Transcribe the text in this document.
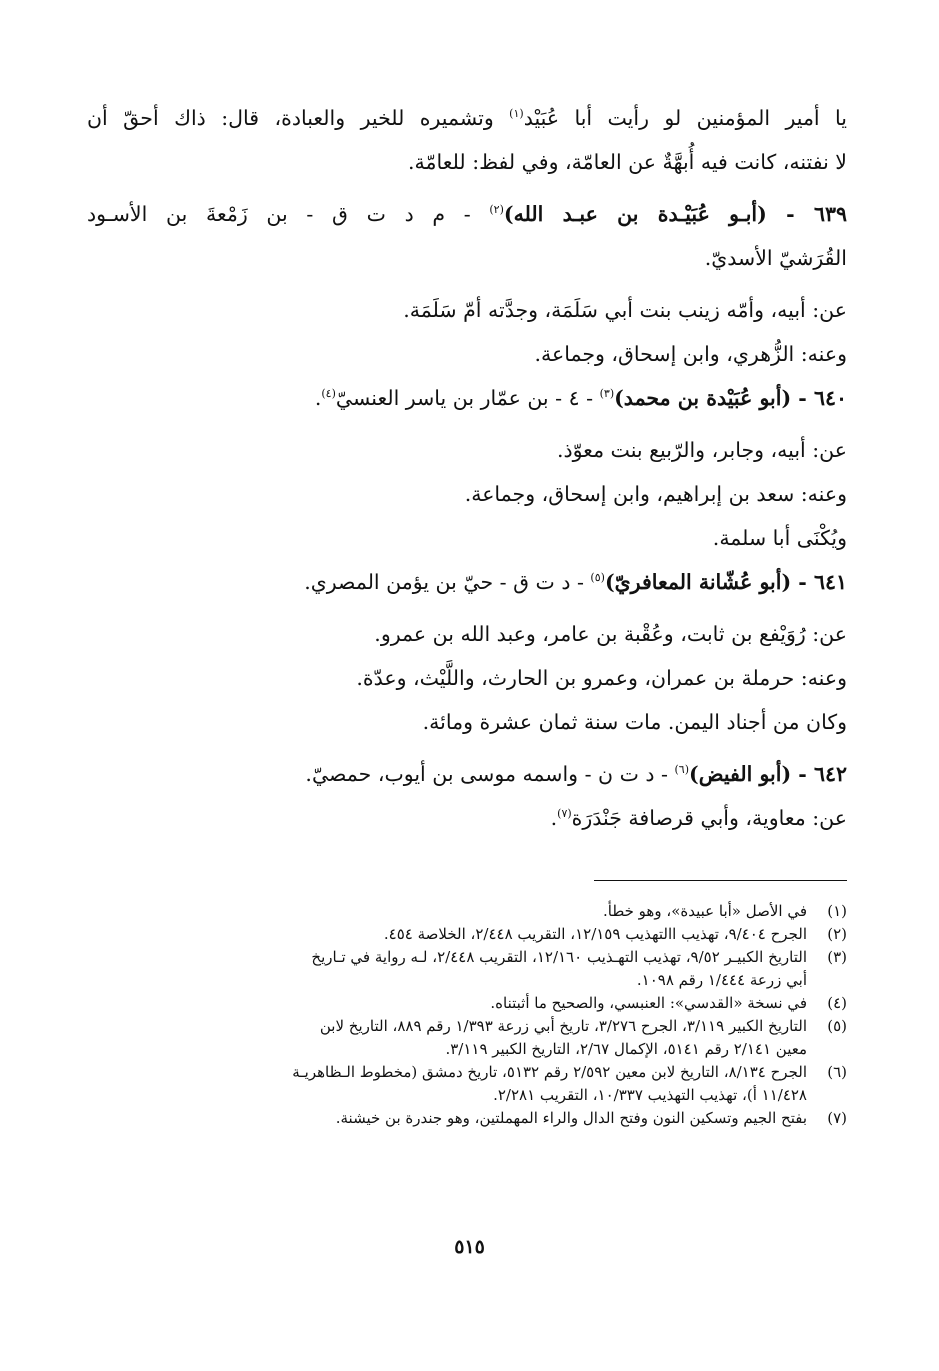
يا أمير المؤمنين لو رأيت أبا عُبَيْد$^{(١)}$ وتشميره للخير والعبادة، قال: ذاك أحقّ أن
لا نفتنه، كانت فيه أُبهَّةٌ عن العامّة، وفي لفظ: للعامّة.
٦٣٩ - (أبـو عُبَيْـدة بن عبـد الله)$^{(٢)}$ - م د ت ق - بن زَمْعةَ بن الأسـود
القُرَشيّ الأسديّ.
عن: أبيه، وأمّه زينب بنت أبي سَلَمَة، وجدَّته أمّ سَلَمَة.
وعنه: الزُّهري، وابن إسحاق، وجماعة.
٦٤٠ - (أبو عُبَيْدة بن محمد)$^{(٣)}$ - ٤ - بن عمّار بن ياسر العنسيّ$^{(٤)}$.
عن: أبيه، وجابر، والرّبيع بنت معوّذ.
وعنه: سعد بن إبراهيم، وابن إسحاق، وجماعة.
ويُكْنَى أبا سلمة.
٦٤١ - (أبو عُشّانة المعافريّ)$^{(٥)}$ - د ت ق - حيّ بن يؤمن المصري.
عن: رُوَيْفع بن ثابت، وعُقْبة بن عامر، وعبد الله بن عمرو.
وعنه: حرملة بن عمران، وعمرو بن الحارث، واللَّيْث، وعدّة.
وكان من أجناد اليمن. مات سنة ثمان عشرة ومائة.
٦٤٢ - (أبو الفيض)$^{(٦)}$ - د ت ن - واسمه موسى بن أيوب، حمصيّ.
عن: معاوية، وأبي قرصافة جَنْدَرَة$^{(٧)}$.
(١)
في الأصل «أبا عبيدة»، وهو خطأ.
(٢)
الجرح ٩/٤٠٤، تهذيب االتهذيب ١٢/١٥٩، التقريب ٢/٤٤٨، الخلاصة ٤٥٤.
(٣)
التاريخ الكبيـر ٩/٥٢، تهذيب التهـذيب ١٢/١٦٠، التقريب ٢/٤٤٨، لـه رواية في تـاريخ
أبي زرعة ١/٤٤٤ رقم ١٠٩٨.
(٤)
في نسخة «القدسي»: العنبسي، والصحيح ما أثبتناه.
(٥)
التاريخ الكبير ٣/١١٩، الجرح ٣/٢٧٦، تاريخ أبي زرعة ١/٣٩٣ رقم ٨٨٩، التاريخ لابن
معين ٢/١٤١ رقم ٥١٤١، الإكمال ٢/٦٧، التاريخ الكبير ٣/١١٩.
(٦)
الجرح ٨/١٣٤، التاريخ لابن معين ٢/٥٩٢ رقم ٥١٣٢، تاريخ دمشق (مخطوط الـظاهريـة
١١/٤٢٨ أ)، تهذيب التهذيب ١٠/٣٣٧، التقريب ٢/٢٨١.
(٧)
بفتح الجيم وتسكين النون وفتح الدال والراء المهملتين، وهو جندرة بن خيشنة.
٥١٥
